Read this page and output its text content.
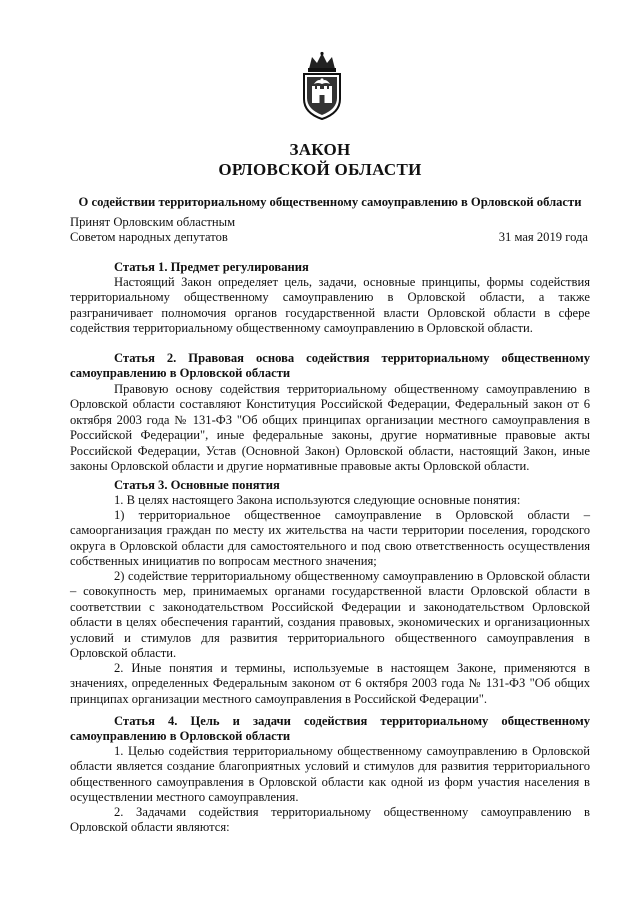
ЗАКОН
ОРЛОВСКОЙ ОБЛАСТИ
О содействии территориальному общественному самоуправлению в Орловской области
Принят Орловским областным
Советом народных депутатов	31 мая 2019 года
Статья 1. Предмет регулирования
Настоящий Закон определяет цель, задачи, основные принципы, формы содействия территориальному общественному самоуправлению в Орловской области, а также разграничивает полномочия органов государственной власти Орловской области в сфере содействия территориальному общественному самоуправлению в Орловской области.
Статья 2. Правовая основа содействия территориальному общественному самоуправлению в Орловской области
Правовую основу содействия территориальному общественному самоуправлению в Орловской области составляют Конституция Российской Федерации, Федеральный закон от 6 октября 2003 года № 131-ФЗ "Об общих принципах организации местного самоуправления в Российской Федерации", иные федеральные законы, другие нормативные правовые акты Российской Федерации, Устав (Основной Закон) Орловской области, настоящий Закон, иные законы Орловской области и другие нормативные правовые акты Орловской области.
Статья 3. Основные понятия
1. В целях настоящего Закона используются следующие основные понятия:
1) территориальное общественное самоуправление в Орловской области – самоорганизация граждан по месту их жительства на части территории поселения, городского округа в Орловской области для самостоятельного и под свою ответственность осуществления собственных инициатив по вопросам местного значения;
2) содействие территориальному общественному самоуправлению в Орловской области – совокупность мер, принимаемых органами государственной власти Орловской области в соответствии с законодательством Российской Федерации и законодательством Орловской области в целях обеспечения гарантий, создания правовых, экономических и организационных условий и стимулов для развития территориального общественного самоуправления в Орловской области.
2. Иные понятия и термины, используемые в настоящем Законе, применяются в значениях, определенных Федеральным законом от 6 октября 2003 года № 131-ФЗ "Об общих принципах организации местного самоуправления в Российской Федерации".
Статья 4. Цель и задачи содействия территориальному общественному самоуправлению в Орловской области
1. Целью содействия территориальному общественному самоуправлению в Орловской области является создание благоприятных условий и стимулов для развития территориального общественного самоуправления в Орловской области как одной из форм участия населения в осуществлении местного самоуправления.
2. Задачами содействия территориальному общественному самоуправлению в Орловской области являются:
